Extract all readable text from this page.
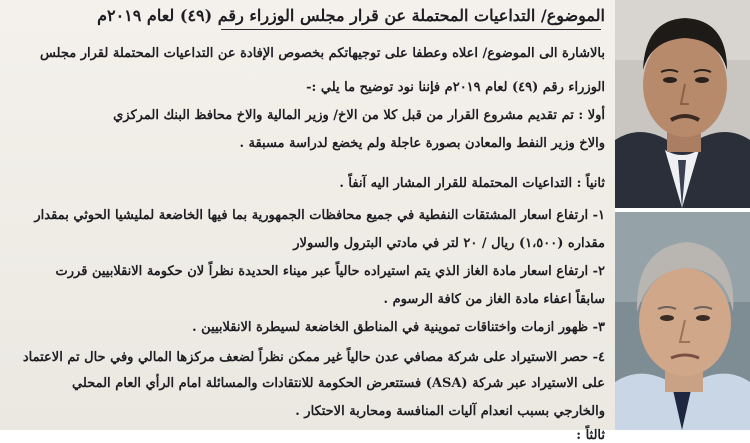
الموضوع/ التداعيات المحتملة عن قرار مجلس الوزراء رقم (٤٩) لعام ٢٠١٩م
بالاشارة الى الموضوع/ اعلاه وعطفا على توجيهاتكم بخصوص الإفادة عن التداعيات المحتملة لقرار مجلس
الوزراء رقم (٤٩) لعام ٢٠١٩م فإننا نود توضيح ما يلي :-
أولا : تم تقديم مشروع القرار من قبل كلا من الاخ/ وزير المالية والاخ محافظ البنك المركزي
والاخ وزير النفط والمعادن بصورة عاجلة ولم يخضع لدراسة مسبقة .
ثانياً : التداعيات المحتملة للقرار المشار اليه آنفاً .
١- ارتفاع اسعار المشتقات النفطية في جميع محافظات الجمهورية بما فيها الخاضعة لمليشيا الحوثي بمقدار
مقداره (١،٥٠٠) ريال / ٢٠ لتر في مادتي البترول والسولار
٢- ارتفاع اسعار مادة الغاز الذي يتم استيراده حالياً عبر ميناء الحديدة نظراً لان حكومة الانقلابيين قررت
سابقاً اعفاء مادة الغاز من كافة الرسوم .
٣- ظهور ازمات واختناقات تموينية في المناطق الخاضعة لسيطرة الانقلابيين .
٤- حصر الاستيراد على شركة مصافي عدن حالياً غير ممكن نظراً لضعف مركزها المالي وفي حال تم الاعتماد
على الاستيراد عبر شركة (ASA) فستتعرض الحكومة للانتقادات والمسائلة امام الرأي العام المحلي
والخارجي بسبب انعدام آليات المنافسة ومحاربة الاحتكار .
ثالثاً :
